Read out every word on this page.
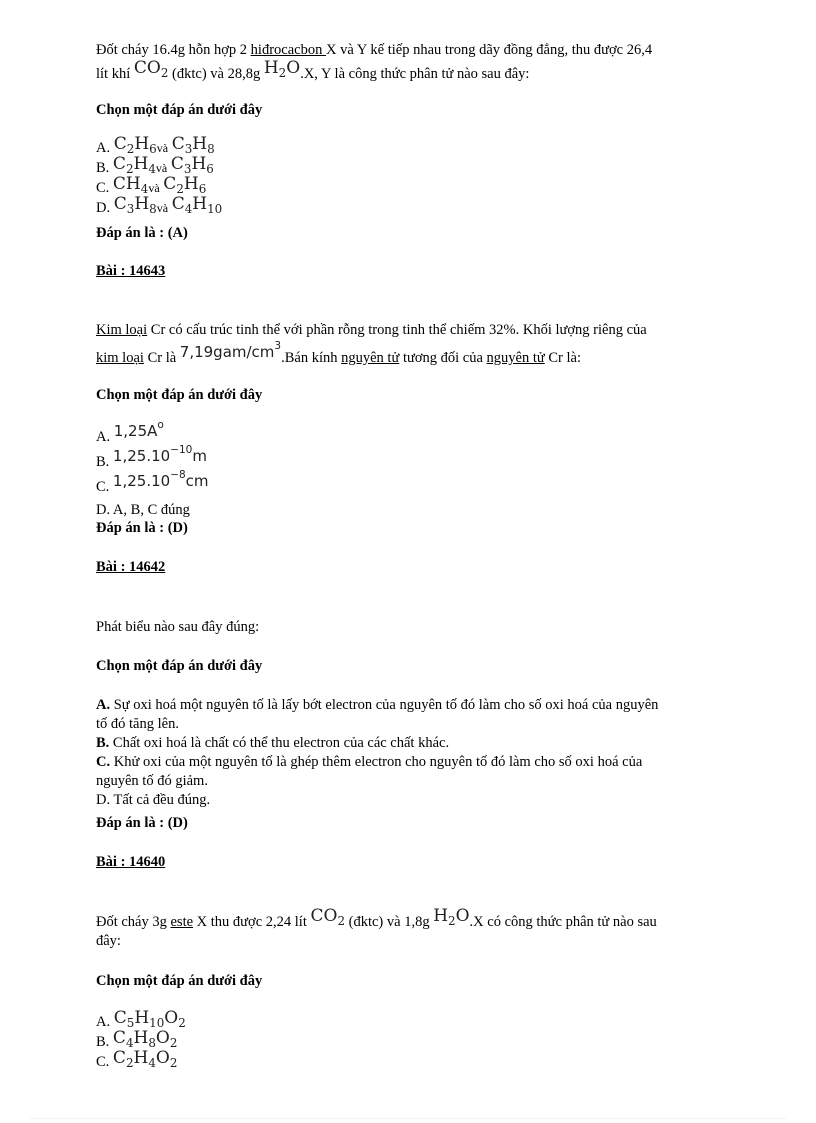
Đốt cháy 16.4g hỗn hợp 2 hiđrocacbon X và Y kế tiếp nhau trong dãy đồng đẳng, thu được 26,4
lít khí $CO_2$ (đktc) và 28,8g $H_2O.X$, Y là công thức phân tử nào sau đây:
Chọn một đáp án dưới đây
A. $C_2H_6và$ $C_3H_8$
B. $C_2H_4và$ $C_3H_6$
C. $CH_4và$ $C_2H_6$
D. $C_3H_8và$ $C_4H_{10}$
Đáp án là : (A)
Bài : 14643
Kim loại Cr có cấu trúc tinh thể với phần rỗng trong tinh thể chiếm 32%. Khối lượng riêng của
kim loại Cr là $7,19gam/cm^3.Bán$ kính nguyên tử tương đối của nguyên tử Cr là:
Chọn một đáp án dưới đây
A. $1,25A^o$
B. $1,25.10^{-10}m$
C. $1,25.10^{-8}cm$
D. A, B, C đúng
Đáp án là : (D)
Bài : 14642
Phát biểu nào sau đây đúng:
Chọn một đáp án dưới đây
A. Sự oxi hoá một nguyên tố là lấy bớt electron của nguyên tố đó làm cho số oxi hoá của nguyên
tố đó tăng lên.
B. Chất oxi hoá là chất có thể thu electron của các chất khác.
C. Khử oxi của một nguyên tố là ghép thêm electron cho nguyên tố đó làm cho số oxi hoá của
nguyên tố đó giảm.
D. Tất cả đều đúng.
Đáp án là : (D)
Bài : 14640
Đốt cháy 3g este X thu được 2,24 lít $CO_2$ (đktc) và 1,8g $H_2O.X$ có công thức phân tử nào sau
đây:
Chọn một đáp án dưới đây
A. $C_5H_{10}O_2$
B. $C_4H_8O_2$
C. $C_2H_4O_2$
